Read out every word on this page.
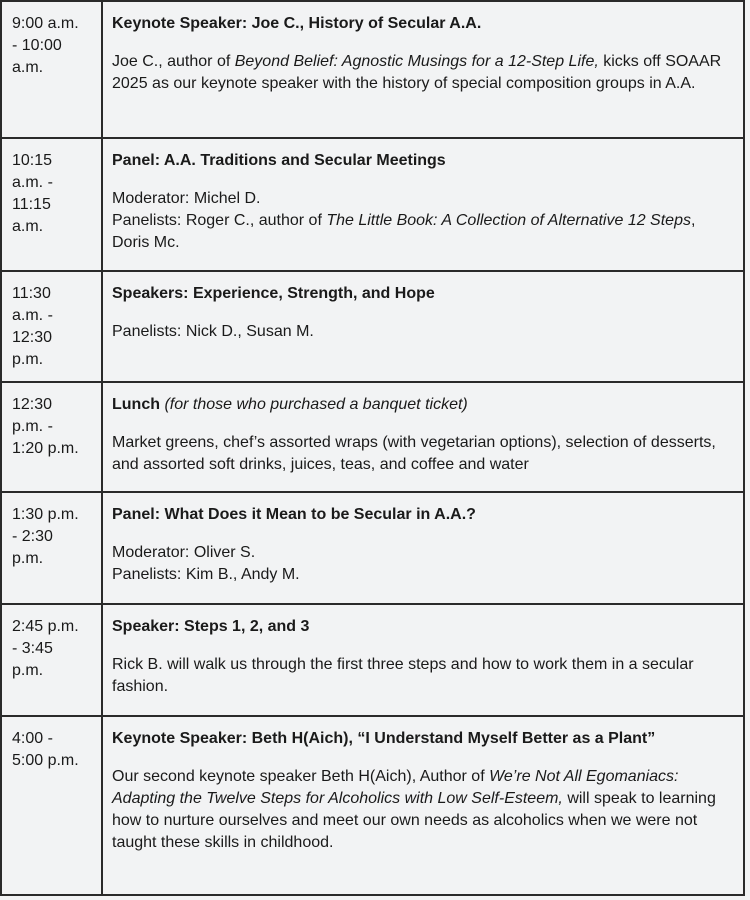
9:00 a.m.
- 10:00
a.m.
Keynote Speaker: Joe C., History of Secular A.A.

Joe C., author of Beyond Belief: Agnostic Musings for a 12-Step Life, kicks off SOAAR 2025 as our keynote speaker with the history of special composition groups in A.A.

10:15
a.m. -
11:15
a.m.
Panel: A.A. Traditions and Secular Meetings

Moderator: Michel D.

Panelists: Roger C., author of The Little Book: A Collection of Alternative 12 Steps, Doris Mc.

11:30
a.m. -
12:30
p.m.
Speakers: Experience, Strength, and Hope

Panelists: Nick D., Susan M.

12:30
p.m. -
1:20 p.m.
Lunch (for those who purchased a banquet ticket)

Market greens, chef’s assorted wraps (with vegetarian options), selection of desserts, and assorted soft drinks, juices, teas, and coffee and water

1:30 p.m.
- 2:30
p.m.
Panel: What Does it Mean to be Secular in A.A.?

Moderator: Oliver S.

Panelists: Kim B., Andy M.

2:45 p.m.
- 3:45
p.m.
Speaker: Steps 1, 2, and 3

Rick B. will walk us through the first three steps and how to work them in a secular fashion.

4:00 -
5:00 p.m.
Keynote Speaker: Beth H(Aich), “I Understand Myself Better as a Plant”

Our second keynote speaker Beth H(Aich), Author of We’re Not All Egomaniacs: Adapting the Twelve Steps for Alcoholics with Low Self-Esteem, will speak to learning how to nurture ourselves and meet our own needs as alcoholics when we were not taught these skills in childhood.
